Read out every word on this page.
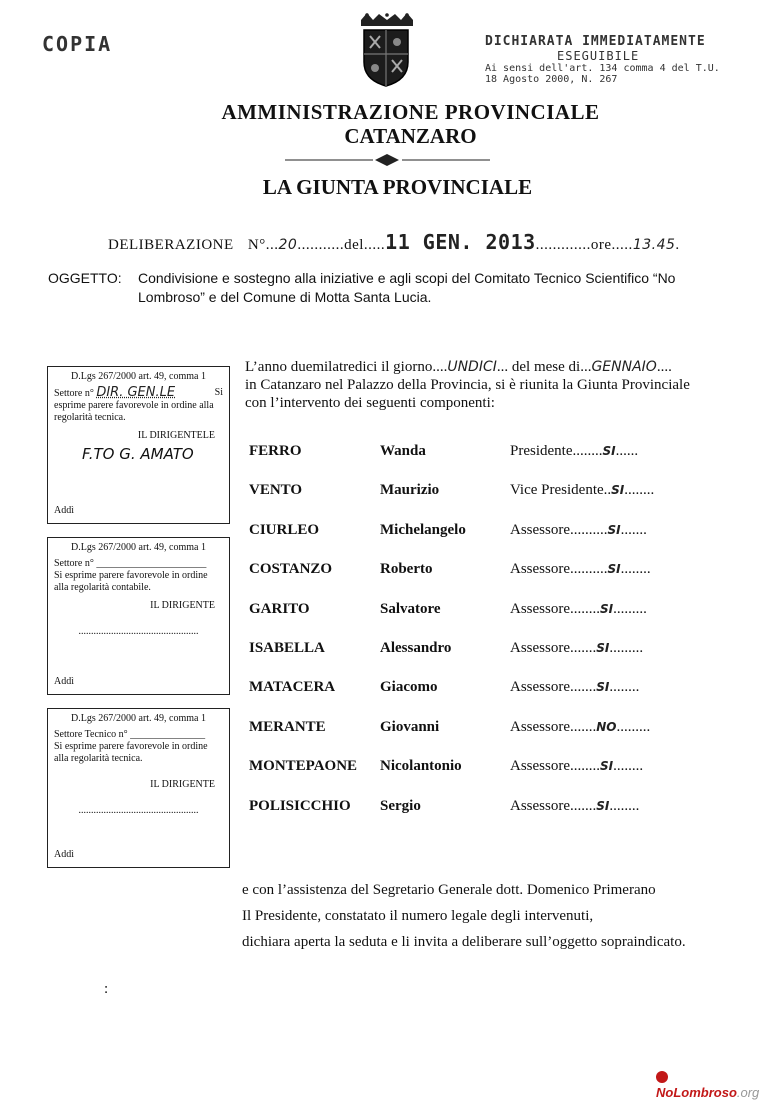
COPIA	DICHIARATA IMMEDIATAMENTE
ESEGUIBILE
Ai sensi dell'art. 134 comma 4 del T.U.
18 Agosto 2000, N. 267
AMMINISTRAZIONE PROVINCIALE
CATANZARO
LA GIUNTA PROVINCIALE
DELIBERAZIONE N°...20...........del.....11 GEN. 2013.............ore.....13.45.
OGGETTO: Condivisione e sostegno alla iniziative e agli scopi del Comitato Tecnico Scientifico “No
Lombroso” e del Comune di Motta Santa Lucia.
D.Lgs 267/2000 art. 49, comma 1
Settore n° DIR. GEN.LE	Si
esprime parere favorevole in ordine alla regolarità tecnica.
IL DIRIGENTELE
F.TO G. AMATO
Addì
D.Lgs 267/2000 art. 49, comma 1
Settore n° ______________________
Si esprime parere favorevole in ordine alla regolarità contabile.
IL DIRIGENTE
................................................
Addì
D.Lgs 267/2000 art. 49, comma 1
Settore Tecnico n° _______________
Si esprime parere favorevole in ordine alla regolarità tecnica.
IL DIRIGENTE
................................................
Addì
L’anno duemilatredici il giorno....UNDICI... del mese di...GENNAIO....
in Catanzaro nel Palazzo della Provincia, si è riunita la Giunta Provinciale
con l’intervento dei seguenti componenti:
FERRO	Wanda	Presidente........SI......
VENTO	Maurizio	Vice Presidente..SI........
CIURLEO	Michelangelo	Assessore..........SI.......
COSTANZO	Roberto	Assessore..........SI........
GARITO	Salvatore	Assessore........SI.........
ISABELLA	Alessandro	Assessore.......SI.........
MATACERA	Giacomo	Assessore.......SI........
MERANTE	Giovanni	Assessore.......NO.........
MONTEPAONE Nicolantonio	Assessore........SI........
POLISICCHIO Sergio	Assessore.......SI........
e con l’assistenza del Segretario Generale dott. Domenico Primerano
Il Presidente, constatato il numero legale degli intervenuti,
dichiara aperta la seduta e li invita a deliberare sull’oggetto sopraindicato.
:
NoLombroso.org
